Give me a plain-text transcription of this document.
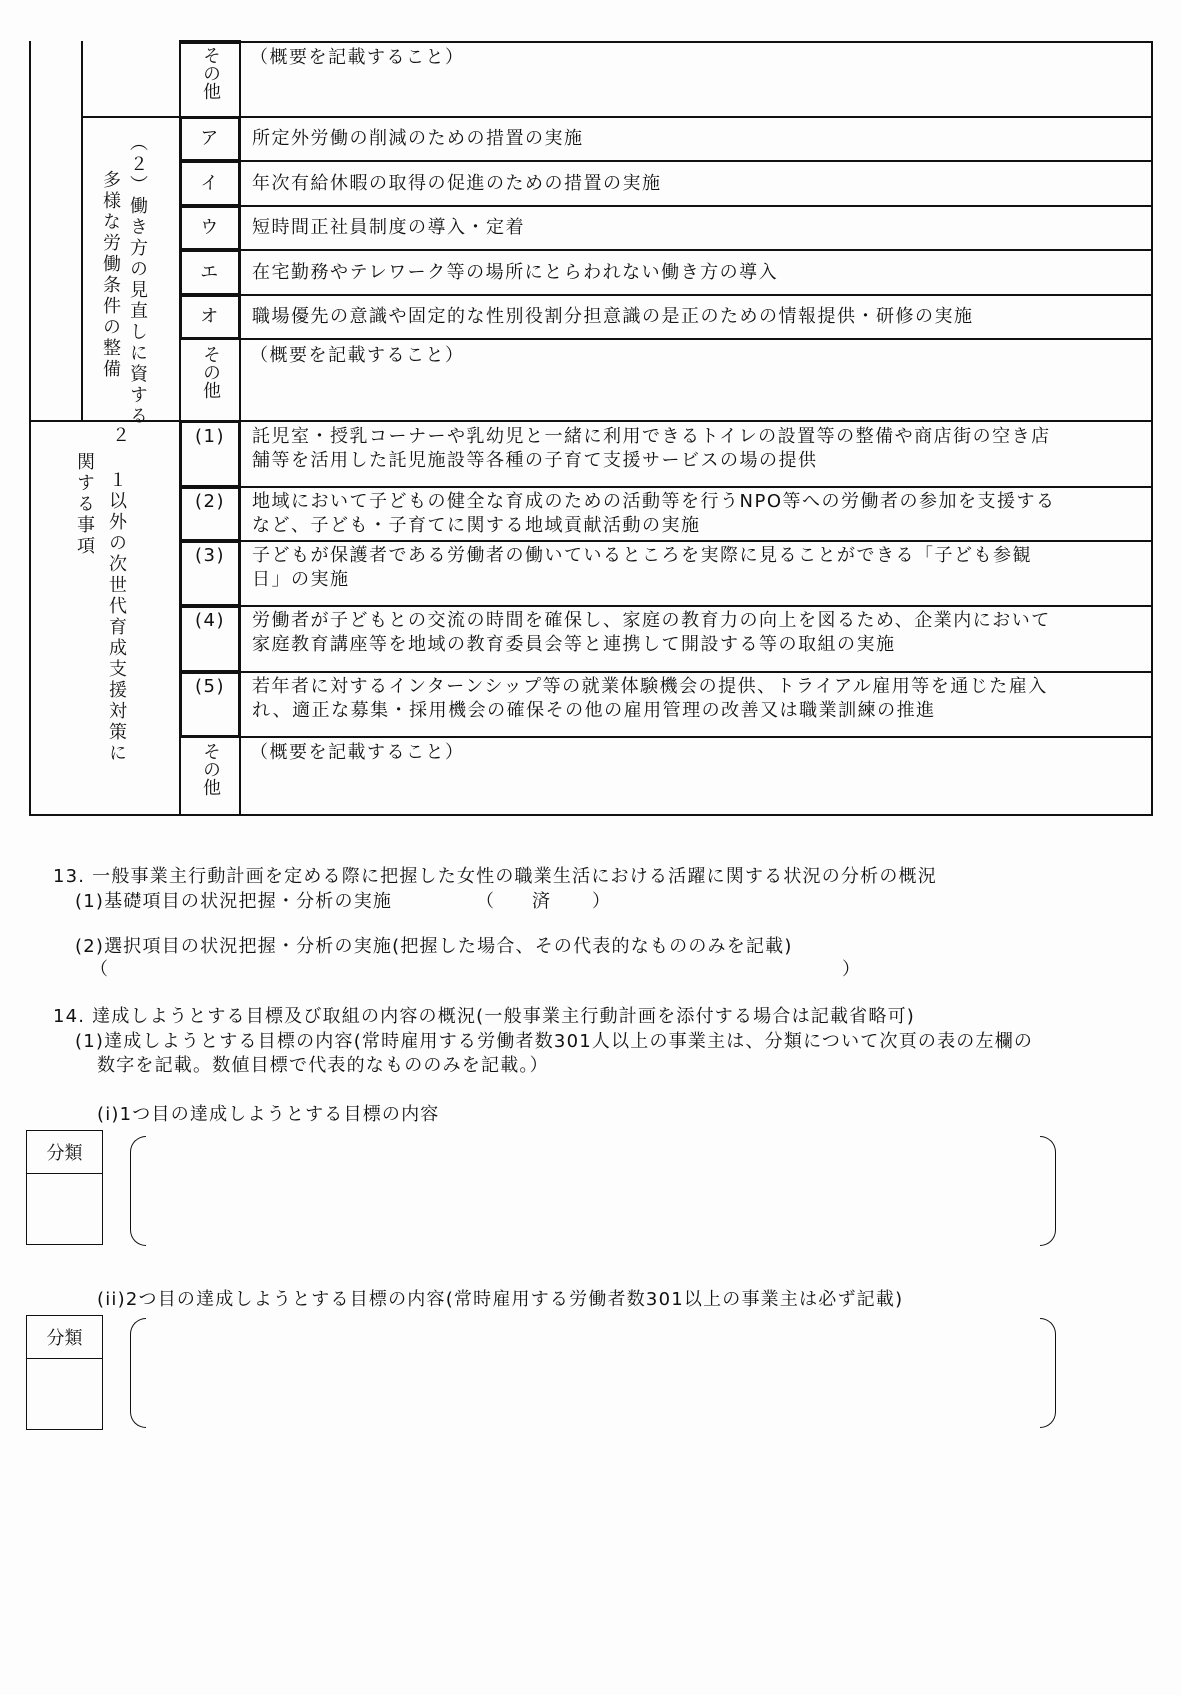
その他 （概要を記載すること）
（２）働き方の見直しに資する
多様な労働条件の整備
ア	所定外労働の削減のための措置の実施
イ	年次有給休暇の取得の促進のための措置の実施
ウ	短時間正社員制度の導入・定着
エ	在宅勤務やテレワーク等の場所にとらわれない働き方の導入
オ	職場優先の意識や固定的な性別役割分担意識の是正のための情報提供・研修の実施
その他 （概要を記載すること）
２
１以外の次世代育成支援対策に
関する事項
(1)	託児室・授乳コーナーや乳幼児と一緒に利用できるトイレの設置等の整備や商店街の空き店
舗等を活用した託児施設等各種の子育て支援サービスの場の提供
(2)	地域において子どもの健全な育成のための活動等を行うNPO等への労働者の参加を支援する
など、子ども・子育てに関する地域貢献活動の実施
(3)	子どもが保護者である労働者の働いているところを実際に見ることができる「子ども参観
日」の実施
(4)	労働者が子どもとの交流の時間を確保し、家庭の教育力の向上を図るため、企業内において
家庭教育講座等を地域の教育委員会等と連携して開設する等の取組の実施
(5)	若年者に対するインターンシップ等の就業体験機会の提供、トライアル雇用等を通じた雇入
れ、適正な募集・採用機会の確保その他の雇用管理の改善又は職業訓練の推進
その他 （概要を記載すること）
13. 一般事業主行動計画を定める際に把握した女性の職業生活における活躍に関する状況の分析の概況
(1)基礎項目の状況把握・分析の実施	（ 済 ）
(2)選択項目の状況把握・分析の実施(把握した場合、その代表的なもののみを記載)
（	）
14. 達成しようとする目標及び取組の内容の概況(一般事業主行動計画を添付する場合は記載省略可)
(1)達成しようとする目標の内容(常時雇用する労働者数301人以上の事業主は、分類について次頁の表の左欄の
数字を記載。数値目標で代表的なもののみを記載。）
(i)1つ目の達成しようとする目標の内容
分類
(ii)2つ目の達成しようとする目標の内容(常時雇用する労働者数301以上の事業主は必ず記載)
分類
